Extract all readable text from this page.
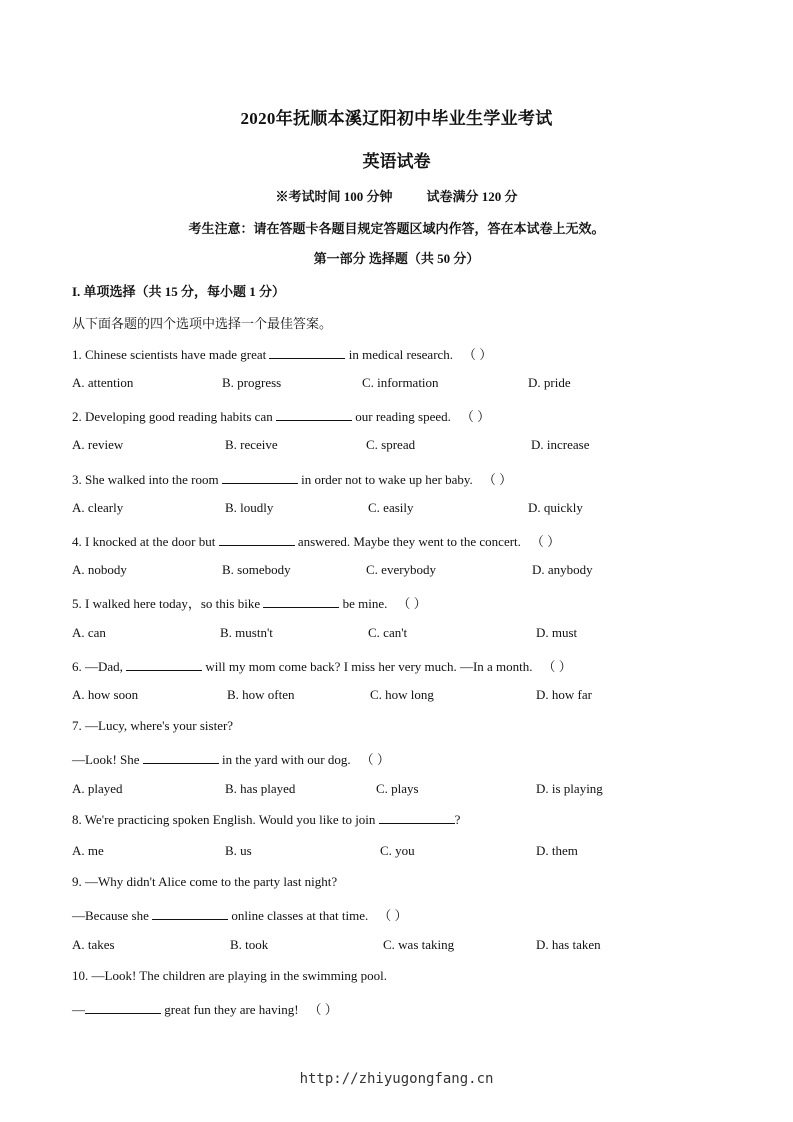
2020年抚顺本溪辽阳初中毕业生学业考试
英语试卷
※考试时间 100 分钟	试卷满分 120 分
考生注意：请在答题卡各题目规定答题区域内作答，答在本试卷上无效。
第一部分 选择题（共 50 分）
I. 单项选择（共 15 分，每小题 1 分）
从下面各题的四个选项中选择一个最佳答案。
1. Chinese scientists have made great	in medical research. （ ）
A. attention	B. progress	C. information	D. pride
2. Developing good reading habits can	our reading speed. （ ）
A. review	B. receive	C. spread	D. increase
3. She walked into the room	in order not to wake up her baby. （ ）
A. clearly	B. loudly	C. easily	D. quickly
4. I knocked at the door but	answered. Maybe they went to the concert. （ ）
A. nobody	B. somebody	C. everybody	D. anybody
5. I walked here today，so this bike	be mine. （ ）
A. can	B. mustn't	C. can't	D. must
6. —Dad,	will my mom come back? I miss her very much. —In a month. （ ）
A. how soon	B. how often	C. how long	D. how far
7. —Lucy, where's your sister?
—Look! She	in the yard with our dog. （ ）
A. played	B. has played	C. plays	D. is playing
8. We're practicing spoken English. Would you like to join	?
A. me	B. us	C. you	D. them
9. —Why didn't Alice come to the party last night?
—Because she	online classes at that time. （ ）
A. takes	B. took	C. was taking	D. has taken
10. —Look! The children are playing in the swimming pool.
—	great fun they are having! （ ）
http://zhiyugongfang.cn
